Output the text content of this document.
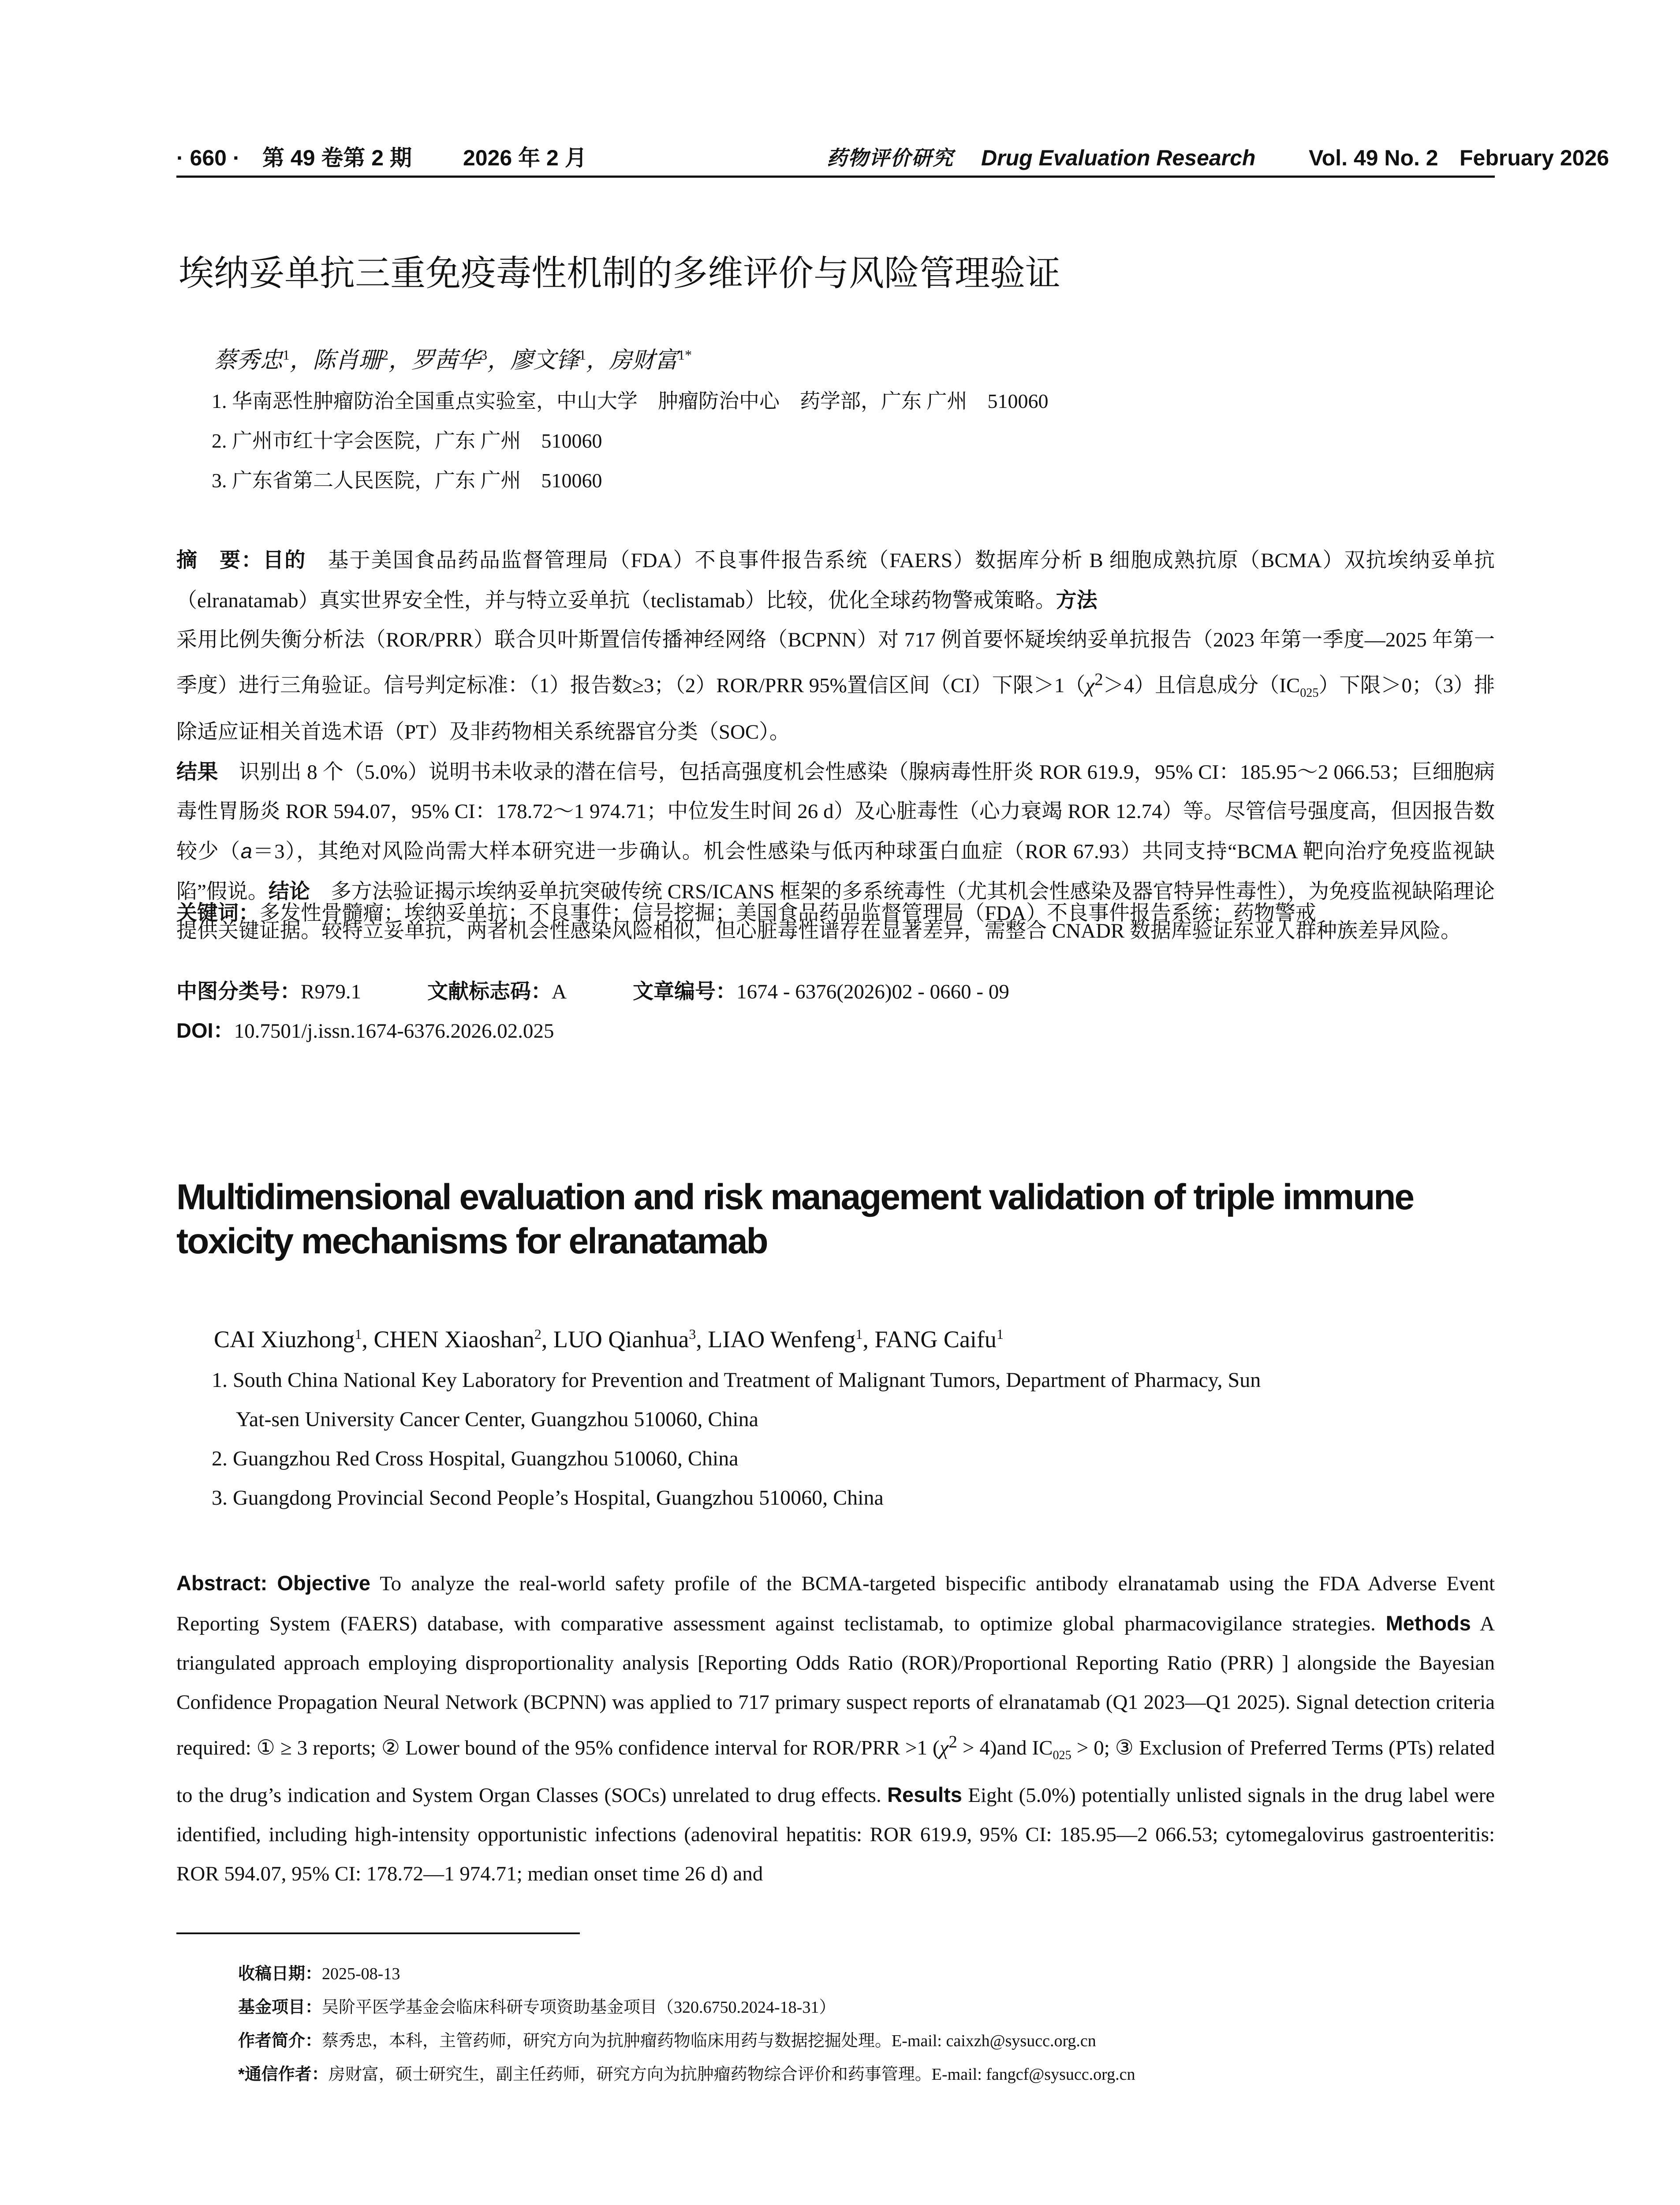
· 660 · 第 49 卷第 2 期 2026 年 2 月	药物评价研究 Drug Evaluation Research Vol. 49 No. 2 February 2026
埃纳妥单抗三重免疫毒性机制的多维评价与风险管理验证
蔡秀忠$^1$，陈肖珊$^2$，罗茜华$^3$，廖文锋$^1$，房财富$^{1*}$
1. 华南恶性肿瘤防治全国重点实验室，中山大学　肿瘤防治中心　药学部，广东 广州　510060
2. 广州市红十字会医院，广东 广州　510060
3. 广东省第二人民医院，广东 广州　510060
摘　要：目的　基于美国食品药品监督管理局（FDA）不良事件报告系统（FAERS）数据库分析 B 细胞成熟抗原（BCMA）双抗埃纳妥单抗（elranatamab）真实世界安全性，并与特立妥单抗（teclistamab）比较，优化全球药物警戒策略。方法
采用比例失衡分析法（ROR/PRR）联合贝叶斯置信传播神经网络（BCPNN）对 717 例首要怀疑埃纳妥单抗报告（2023 年第一季度—2025 年第一季度）进行三角验证。信号判定标准：（1）报告数≥3；（2）ROR/PRR 95%置信区间（CI）下限$>1(\chi^2>4)$且信息成分$(IC_{025})$下限＞0；（3）排除适应证相关首选术语（PT）及非药物相关系统器官分类（SOC）。
结果　识别出 8 个（5.0%）说明书未收录的潜在信号，包括高强度机会性感染（腺病毒性肝炎 ROR 619.9，95% CI：185.95～2 066.53；巨细胞病毒性胃肠炎 ROR 594.07，95% CI：178.72～1 974.71；中位发生时间 26 d）及心脏毒性（心力衰竭 ROR 12.74）等。尽管信号强度高，但因报告数较少（a＝3），其绝对风险尚需大样本研究进一步确认。机会性感染与低丙种球蛋白血症（ROR 67.93）共同支持“BCMA 靶向治疗免疫监视缺陷”假说。结论　多方法验证揭示埃纳妥单抗突破传统 CRS/ICANS 框架的多系统毒性（尤其机会性感染及器官特异性毒性），为免疫监视缺陷理论提供关键证据。较特立妥单抗，两者机会性感染风险相似，但心脏毒性谱存在显著差异，需整合 CNADR 数据库验证东亚人群种族差异风险。
关键词：多发性骨髓瘤；埃纳妥单抗；不良事件；信号挖掘；美国食品药品监督管理局（FDA）不良事件报告系统；药物警戒
中图分类号：R979.1	文献标志码：A	文章编号：1674 - 6376(2026)02 - 0660 - 09
DOI：10.7501/j.issn.1674-6376.2026.02.025
Multidimensional evaluation and risk management validation of triple immune toxicity mechanisms for elranatamab
CAI Xiuzhong$^1$, CHEN Xiaoshan$^2$, LUO Qianhua$^3$, LIAO Wenfeng$^1$, FANG Caifu$^1$
1. South China National Key Laboratory for Prevention and Treatment of Malignant Tumors, Department of Pharmacy, Sun
Yat-sen University Cancer Center, Guangzhou 510060, China
2. Guangzhou Red Cross Hospital, Guangzhou 510060, China
3. Guangdong Provincial Second People’s Hospital, Guangzhou 510060, China
Abstract: Objective To analyze the real-world safety profile of the BCMA-targeted bispecific antibody elranatamab using the FDA Adverse Event Reporting System (FAERS) database, with comparative assessment against teclistamab, to optimize global pharmacovigilance strategies. Methods A triangulated approach employing disproportionality analysis [Reporting Odds Ratio (ROR)/Proportional Reporting Ratio (PRR) ] alongside the Bayesian Confidence Propagation Neural Network (BCPNN) was applied to 717 primary suspect reports of elranatamab (Q1 2023—Q1 2025). Signal detection criteria required: ① ≥ 3 reports; ② Lower bound of the 95% confidence interval for ROR/PRR >1 $(\chi^2 > 4)and$ $IC_{025} > 0$; ③ Exclusion of Preferred Terms (PTs) related to the drug’s indication and System Organ Classes (SOCs) unrelated to drug effects. Results Eight (5.0%) potentially unlisted signals in the drug label were identified, including high-intensity opportunistic infections (adenoviral hepatitis: ROR 619.9, 95% CI: 185.95—2 066.53; cytomegalovirus gastroenteritis: ROR 594.07, 95% CI: 178.72—1 974.71; median onset time 26 d) and
收稿日期：2025-08-13
基金项目：吴阶平医学基金会临床科研专项资助基金项目（320.6750.2024-18-31）
作者简介：蔡秀忠，本科，主管药师，研究方向为抗肿瘤药物临床用药与数据挖掘处理。E-mail: caixzh@sysucc.org.cn
*通信作者：房财富，硕士研究生，副主任药师，研究方向为抗肿瘤药物综合评价和药事管理。E-mail: fangcf@sysucc.org.cn
